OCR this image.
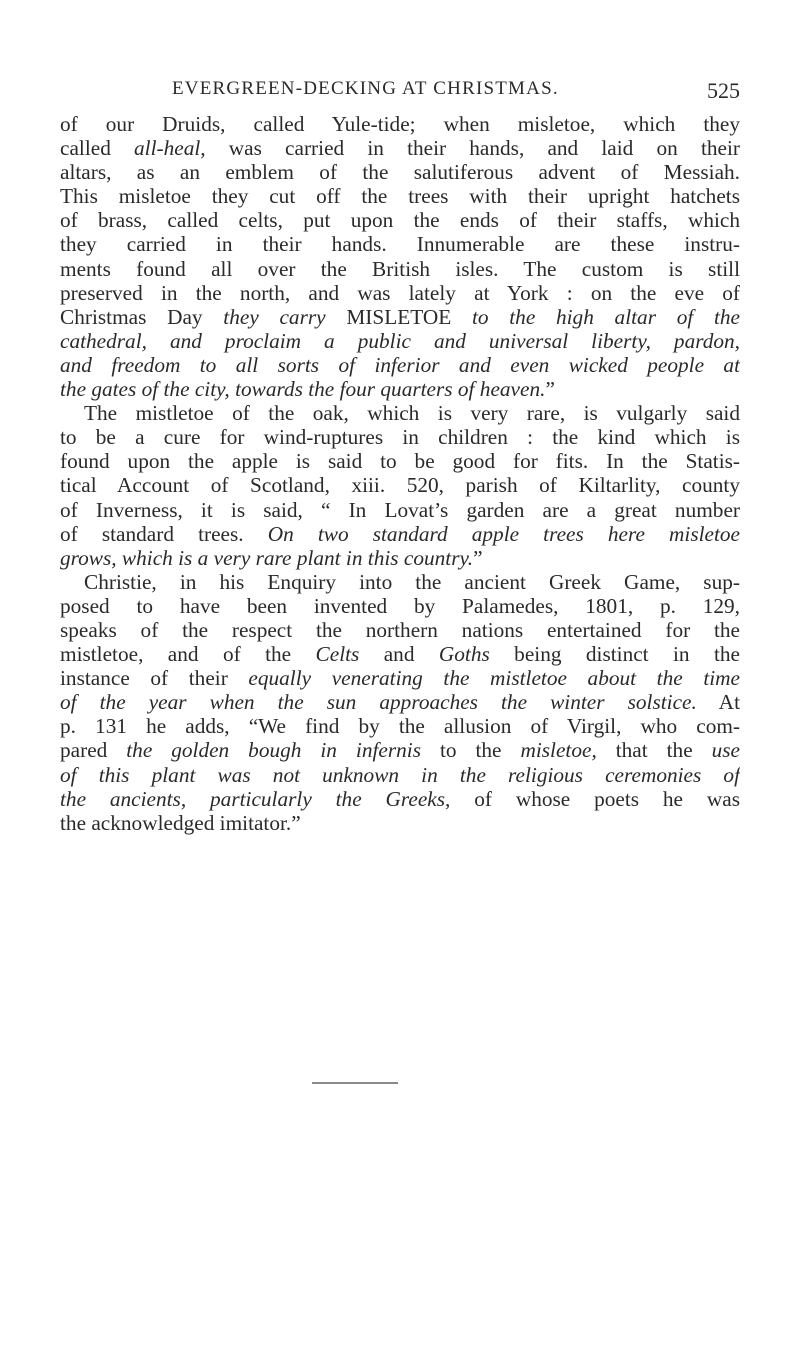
EVERGREEN-DECKING AT CHRISTMAS.	525
of our Druids, called Yule-tide; when misletoe, which they
called all-heal, was carried in their hands, and laid on their
altars, as an emblem of the salutiferous advent of Messiah.
This misletoe they cut off the trees with their upright hatchets
of brass, called celts, put upon the ends of their staffs, which
they carried in their hands. Innumerable are these instru-
ments found all over the British isles. The custom is still
preserved in the north, and was lately at York : on the eve of
Christmas Day they carry MISLETOE to the high altar of the
cathedral, and proclaim a public and universal liberty, pardon,
and freedom to all sorts of inferior and even wicked people at
the gates of the city, towards the four quarters of heaven.”
The mistletoe of the oak, which is very rare, is vulgarly said
to be a cure for wind-ruptures in children : the kind which is
found upon the apple is said to be good for fits. In the Statis-
tical Account of Scotland, xiii. 520, parish of Kiltarlity, county
of Inverness, it is said, “ In Lovat’s garden are a great number
of standard trees. On two standard apple trees here misletoe
grows, which is a very rare plant in this country.”
Christie, in his Enquiry into the ancient Greek Game, sup-
posed to have been invented by Palamedes, 1801, p. 129,
speaks of the respect the northern nations entertained for the
mistletoe, and of the Celts and Goths being distinct in the
instance of their equally venerating the mistletoe about the time
of the year when the sun approaches the winter solstice. At
p. 131 he adds, “We find by the allusion of Virgil, who com-
pared the golden bough in infernis to the misletoe, that the use
of this plant was not unknown in the religious ceremonies of
the ancients, particularly the Greeks, of whose poets he was
the acknowledged imitator.”
